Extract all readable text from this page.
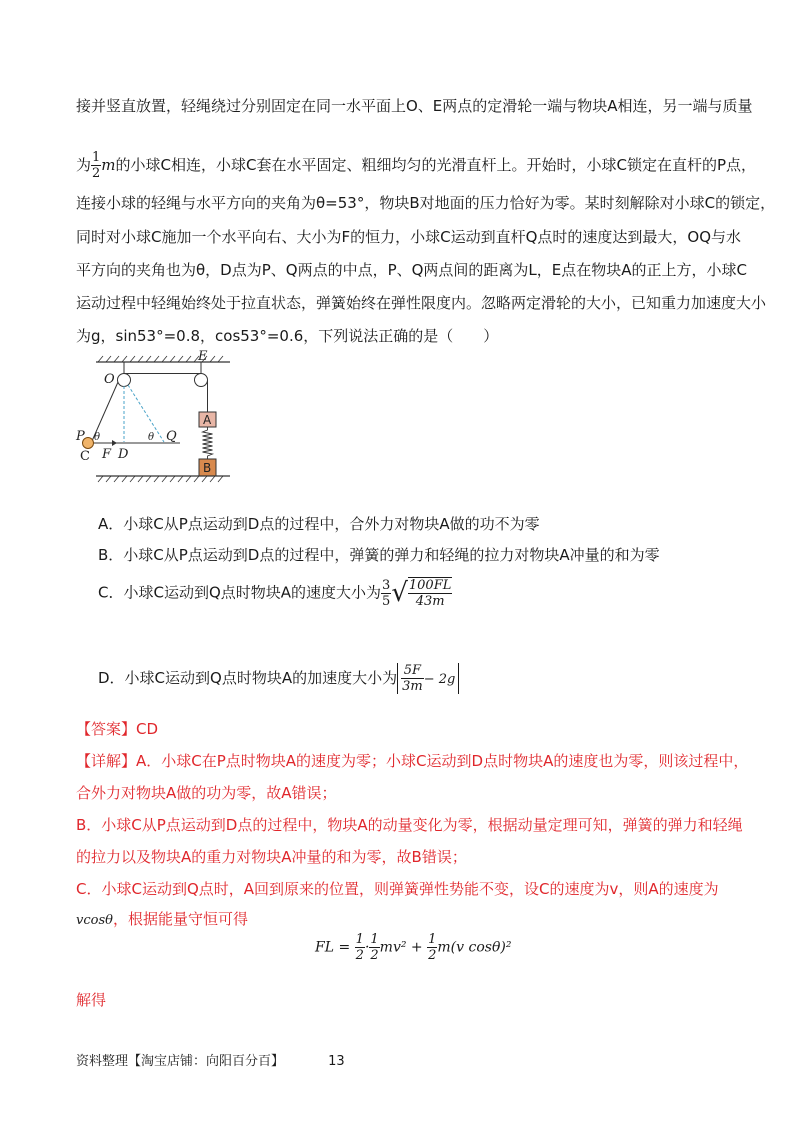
接并竖直放置，轻绳绕过分别固定在同一水平面上O、E两点的定滑轮一端与物块A相连，另一端与质量
为 $\frac{1}{2}$ m的小球C相连，小球C套在水平固定、粗细均匀的光滑直杆上。开始时，小球C锁定在直杆的P点，
连接小球的轻绳与水平方向的夹角为θ=53°，物块B对地面的压力恰好为零。某时刻解除对小球C的锁定，
同时对小球C施加一个水平向右、大小为F的恒力，小球C运动到直杆Q点时的速度达到最大，OQ与水
平方向的夹角也为θ，D点为P、Q两点的中点，P、Q两点间的距离为L，E点在物块A的正上方，小球C
运动过程中轻绳始终处于拉直状态，弹簧始终在弹性限度内。忽略两定滑轮的大小，已知重力加速度大小
为g，sin53°=0.8，cos53°=0.6，下列说法正确的是（　　）
O
E
P
C F D
Q
θ	θ
A
B
A．小球C从P点运动到D点的过程中，合外力对物块A做的功不为零
B．小球C从P点运动到D点的过程中，弹簧的弹力和轻绳的拉力对物块A冲量的和为零
C．小球C运动到Q点时物块A的速度大小为 $\frac{3}{5}$ √ $\frac{100FL}{43m}$
D．小球C运动到Q点时物块A的加速度大小为 $\frac{5F}{3m} - 2g$
【答案】CD
【详解】A．小球C在P点时物块A的速度为零；小球C运动到D点时物块A的速度也为零，则该过程中，
合外力对物块A做的功为零，故A错误；
B．小球C从P点运动到D点的过程中，物块A的动量变化为零，根据动量定理可知，弹簧的弹力和轻绳
的拉力以及物块A的重力对物块A冲量的和为零，故B错误；
C．小球C运动到Q点时，A回到原来的位置，则弹簧弹性势能不变，设C的速度为v，则A的速度为
vcosθ，根据能量守恒可得
FL = $\frac{1}{2} \cdot \frac{1}{2} mv^2 + \frac{1}{2} m(v$ cosθ)²
解得
资料整理【淘宝店铺：向阳百分百】	13
